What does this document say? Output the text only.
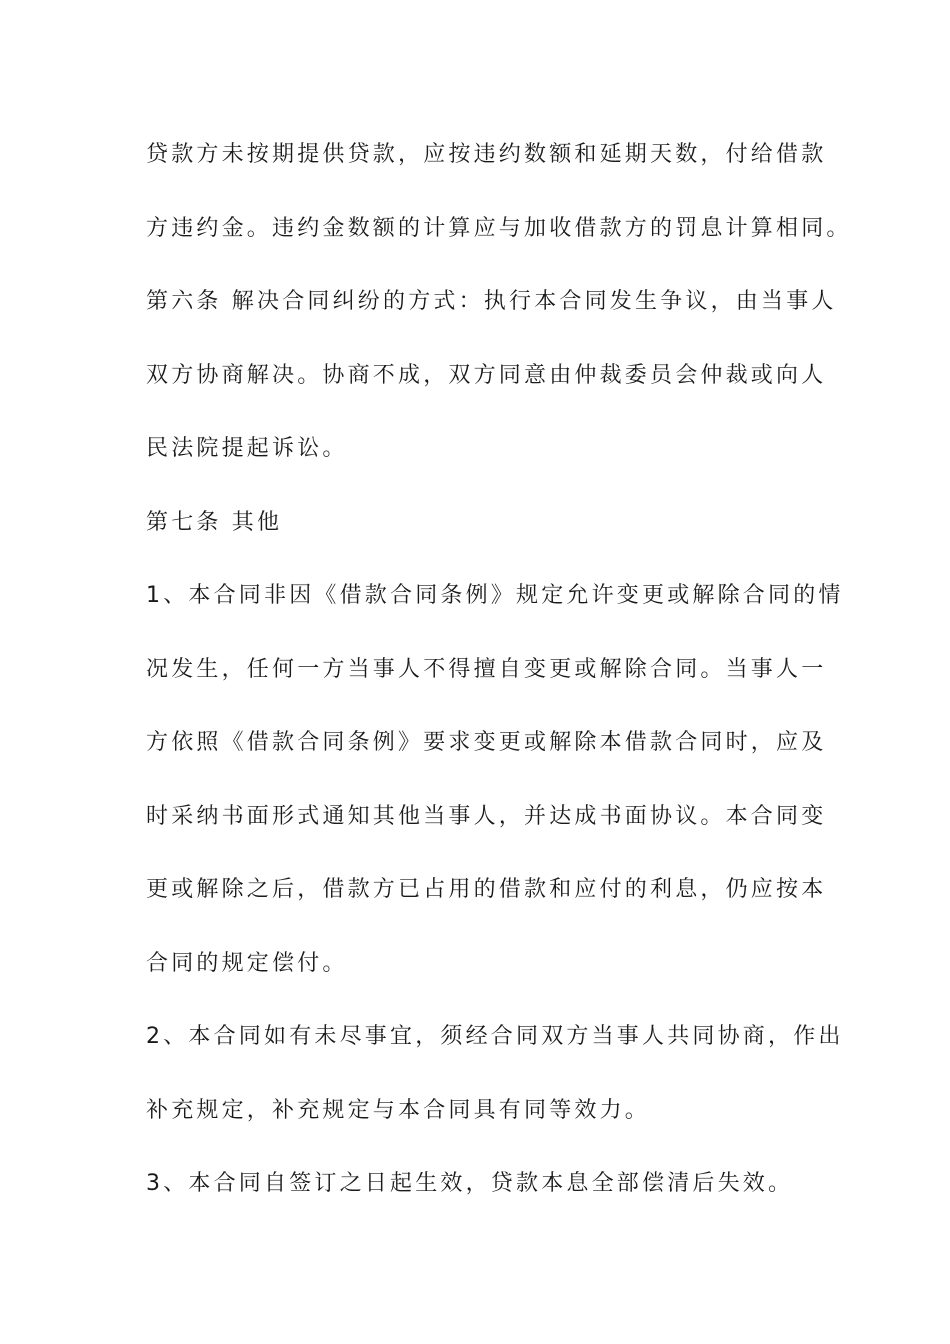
贷款方未按期提供贷款，应按违约数额和延期天数，付给借款
方违约金。违约金数额的计算应与加收借款方的罚息计算相同。
第六条 解决合同纠纷的方式：执行本合同发生争议，由当事人
双方协商解决。协商不成，双方同意由仲裁委员会仲裁或向人
民法院提起诉讼。
第七条 其他
1、本合同非因《借款合同条例》规定允许变更或解除合同的情
况发生，任何一方当事人不得擅自变更或解除合同。当事人一
方依照《借款合同条例》要求变更或解除本借款合同时，应及
时采纳书面形式通知其他当事人，并达成书面协议。本合同变
更或解除之后，借款方已占用的借款和应付的利息，仍应按本
合同的规定偿付。
2、本合同如有未尽事宜，须经合同双方当事人共同协商，作出
补充规定，补充规定与本合同具有同等效力。
3、本合同自签订之日起生效，贷款本息全部偿清后失效。
